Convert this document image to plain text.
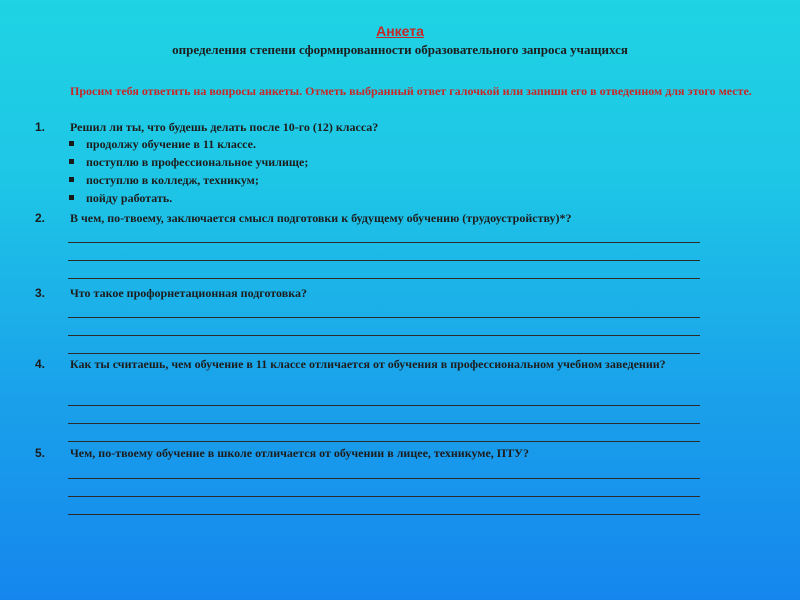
Анкета
определения степени сформированности образовательного запроса учащихся
Просим тебя ответить на вопросы анкеты. Отметь выбранный ответ галочкой или запиши его в отведенном для этого месте.
1. Решил ли ты, что будешь делать после 10-го (12) класса?
продолжу обучение в 11 классе.
поступлю в профессиональное училище;
поступлю в колледж, техникум;
пойду работать.
2. В чем, по-твоему, заключается смысл подготовки к будущему обучению (трудоустройству)*?
3. Что такое профорнетационная подготовка?
4. Как ты считаешь, чем обучение в 11 классе отличается от обучения в профессиональном учебном заведении?
5. Чем, по-твоему обучение в школе отличается от обучении в лицее, техникуме, ПТУ?
